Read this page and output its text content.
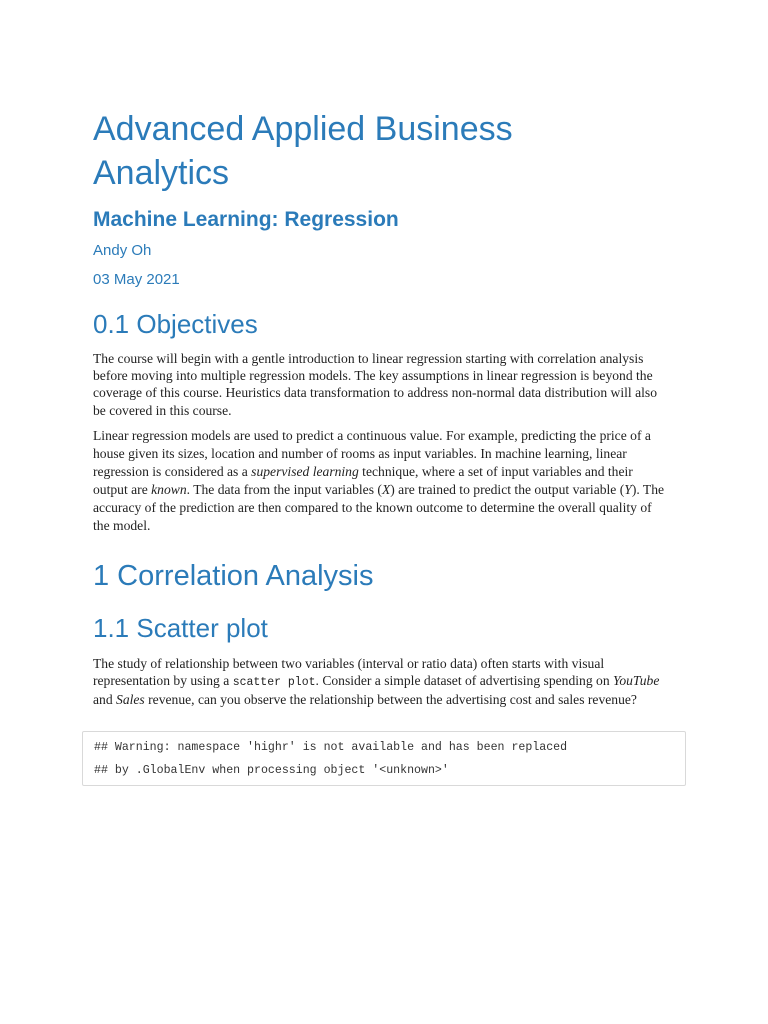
Advanced Applied Business Analytics
Machine Learning: Regression
Andy Oh
03 May 2021
0.1 Objectives

The course will begin with a gentle introduction to linear regression starting with correlation analysis before moving into multiple regression models. The key assumptions in linear regression is beyond the coverage of this course. Heuristics data transformation to address non-normal data distribution will also be covered in this course.

Linear regression models are used to predict a continuous value. For example, predicting the price of a house given its sizes, location and number of rooms as input variables. In machine learning, linear regression is considered as a supervised learning technique, where a set of input variables and their output are known. The data from the input variables (X) are trained to predict the output variable (Y). The accuracy of the prediction are then compared to the known outcome to determine the overall quality of the model.

1 Correlation Analysis
1.1 Scatter plot

The study of relationship between two variables (interval or ratio data) often starts with visual representation by using a scatter plot. Consider a simple dataset of advertising spending on YouTube and Sales revenue, can you observe the relationship between the advertising cost and sales revenue?

## Warning: namespace 'highr' is not available and has been replaced
## by .GlobalEnv when processing object '<unknown>'
